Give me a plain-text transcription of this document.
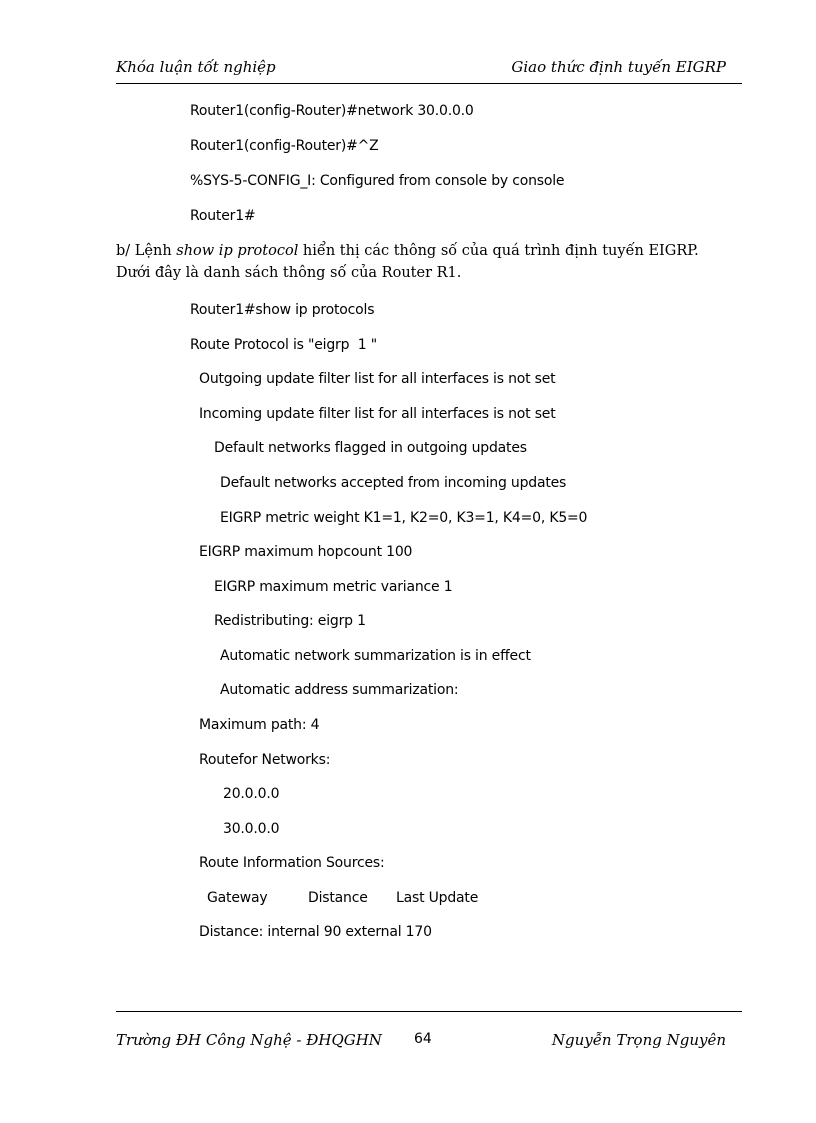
Khóa luận tốt nghiệp	Giao thức định tuyến EIGRP
Router1(config-Router)#network 30.0.0.0
Router1(config-Router)#^Z
%SYS-5-CONFIG_I: Configured from console by console
Router1#
b/ Lệnh show ip protocol hiển thị các thông số của quá trình định tuyến EIGRP. Dưới đây là danh sách thông số của Router R1.
Router1#show ip protocols
Route Protocol is "eigrp  1 "
Outgoing update filter list for all interfaces is not set
Incoming update filter list for all interfaces is not set
Default networks flagged in outgoing updates
Default networks accepted from incoming updates
EIGRP metric weight K1=1, K2=0, K3=1, K4=0, K5=0
EIGRP maximum hopcount 100
EIGRP maximum metric variance 1
Redistributing: eigrp 1
Automatic network summarization is in effect
Automatic address summarization:
Maximum path: 4
Routefor Networks:
20.0.0.0
30.0.0.0
Route Information Sources:
Gateway	Distance Last Update
Distance: internal 90 external 170
Trường ĐH Công Nghệ - ĐHQGHN 64	Nguyễn Trọng Nguyên
